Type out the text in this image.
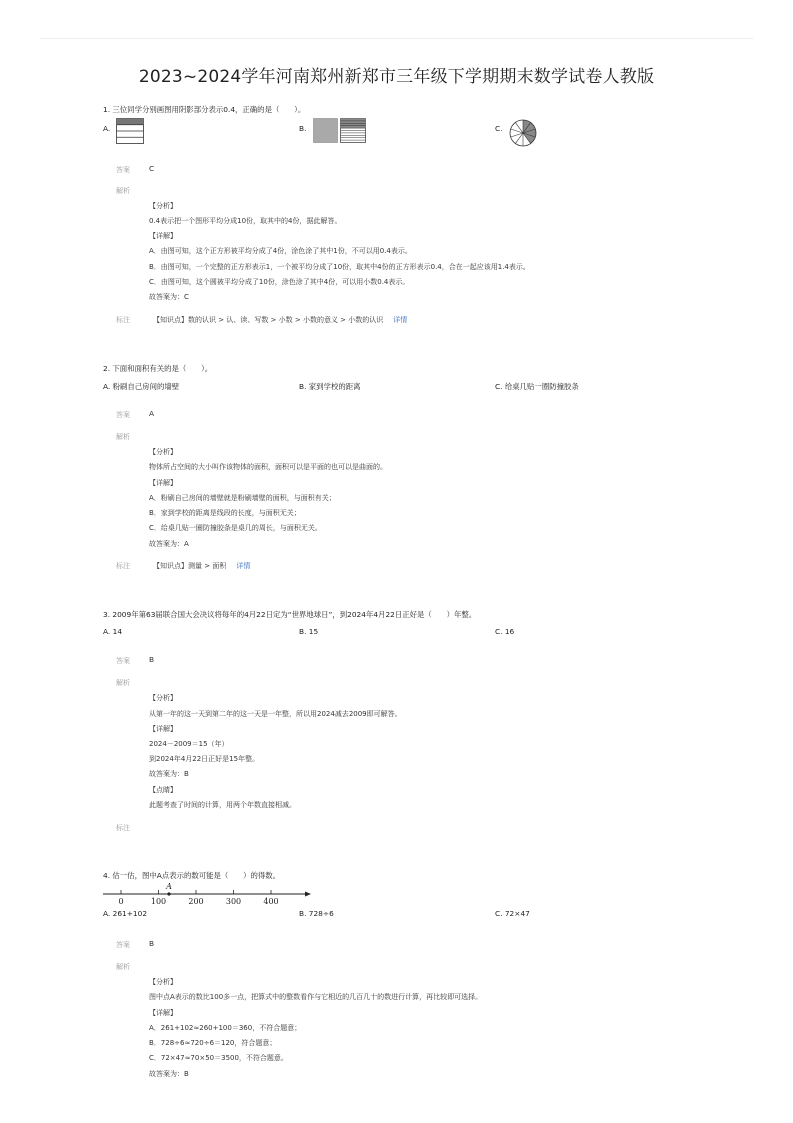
2023~2024学年河南郑州新郑市三年级下学期期末数学试卷人教版
1. 三位同学分别画图用阴影部分表示0.4，正确的是（　　）。
A.	B.	C.
答案	C
解析
【分析】
0.4表示把一个图形平均分成10份，取其中的4份，据此解答。
【详解】
A．由图可知，这个正方形被平均分成了4份，涂色涂了其中1份，不可以用0.4表示。
B．由图可知，一个完整的正方形表示1，一个被平均分成了10份，取其中4份的正方形表示0.4，合在一起应该用1.4表示。
C．由图可知，这个圆被平均分成了10份，涂色涂了其中4份，可以用小数0.4表示。
故答案为：C
标注	【知识点】数的认识 > 认、读、写数 > 小数 > 小数的意义 > 小数的认识 详情
2. 下面和面积有关的是（　　）。
A. 粉刷自己房间的墙壁	B. 家到学校的距离	C. 给桌几贴一圈防撞胶条
答案	A
解析
【分析】
物体所占空间的大小叫作该物体的面积，面积可以是平面的也可以是曲面的。
【详解】
A．粉刷自己房间的墙壁就是粉刷墙壁的面积，与面积有关；
B．家到学校的距离是线段的长度，与面积无关；
C．给桌几贴一圈防撞胶条是桌几的周长，与面积无关。
故答案为：A
标注	【知识点】测量 > 面积 详情
3. 2009年第63届联合国大会决议将每年的4月22日定为“世界地球日”，到2024年4月22日正好是（　　）年整。
A. 14	B. 15	C. 16
答案	B
解析
【分析】
从第一年的这一天到第二年的这一天是一年整，所以用2024减去2009即可解答。
【详解】
2024－2009＝15（年）
到2024年4月22日正好是15年整。
故答案为：B
【点睛】
此题考查了时间的计算，用两个年数直接相减。
标注
4. 估一估，图中A点表示的数可能是（　　）的得数。
0	100	200	300	400
A
A. 261+102	B. 728÷6	C. 72×47
答案	B
解析
【分析】
图中点A表示的数比100多一点，把算式中的整数看作与它相近的几百几十的数进行计算，再比较即可选择。
【详解】
A．261+102≈260+100＝360，不符合题意；
B．728÷6≈720÷6＝120，符合题意；
C．72×47≈70×50＝3500，不符合题意。
故答案为：B
